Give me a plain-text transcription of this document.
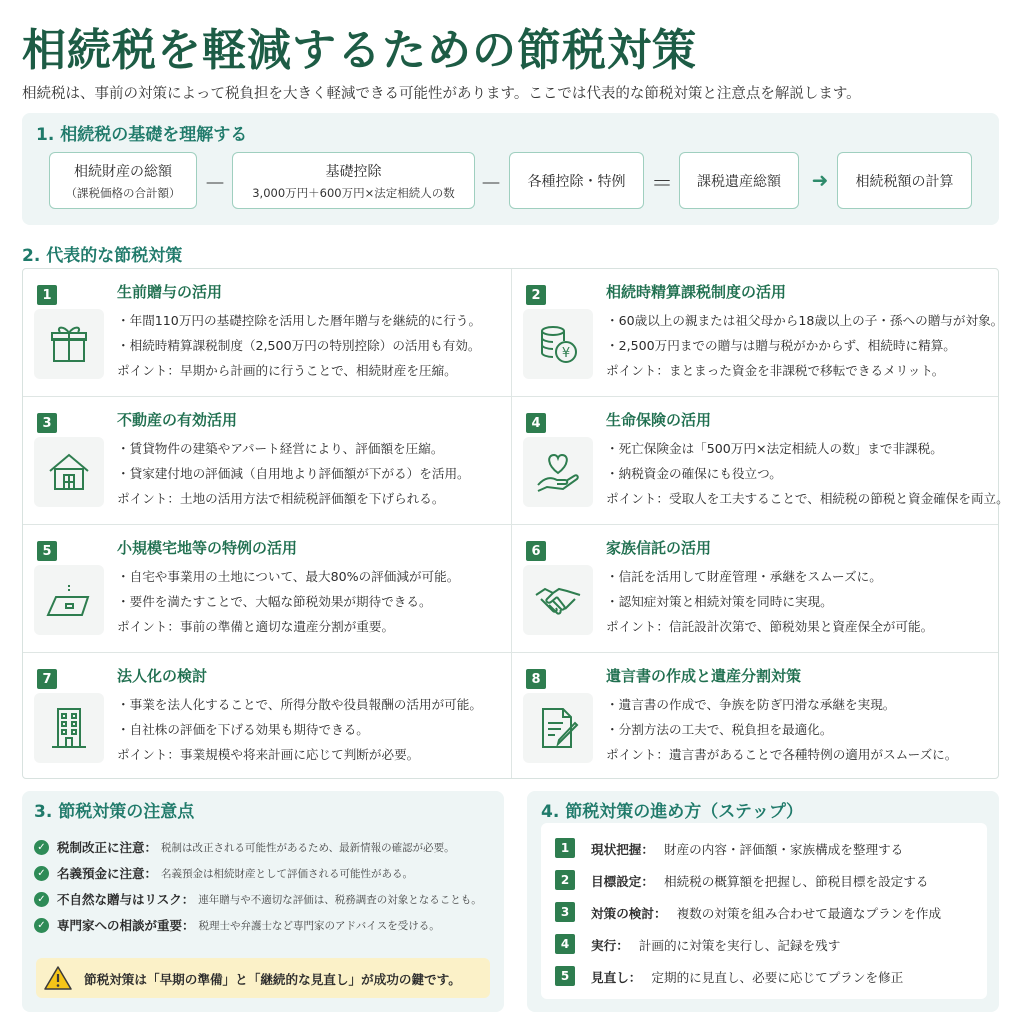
相続税を軽減するための節税対策
相続税は、事前の対策によって税負担を大きく軽減できる可能性があります。ここでは代表的な節税対策と注意点を解説します。
1. 相続税の基礎を理解する
相続財産の総額
（課税価格の合計額） －
基礎控除
3,000万円＋600万円×法定相続人の数 － 各種控除・特例 ＝ 課税遺産総額 ➜	相続税額の計算
2. 代表的な節税対策
1	生前贈与の活用
・年間110万円の基礎控除を活用した暦年贈与を継続的に行う。
・相続時精算課税制度（2,500万円の特別控除）の活用も有効。
ポイント：早期から計画的に行うことで、相続財産を圧縮。
2
¥
相続時精算課税制度の活用
・60歳以上の親または祖父母から18歳以上の子・孫への贈与が対象。
・2,500万円までの贈与は贈与税がかからず、相続時に精算。
ポイント：まとまった資金を非課税で移転できるメリット。
3	不動産の有効活用
・賃貸物件の建築やアパート経営により、評価額を圧縮。
・貸家建付地の評価減（自用地より評価額が下がる）を活用。
ポイント：土地の活用方法で相続税評価額を下げられる。
4	生命保険の活用
・死亡保険金は「500万円×法定相続人の数」まで非課税。
・納税資金の確保にも役立つ。
ポイント：受取人を工夫することで、相続税の節税と資金確保を両立。
5	小規模宅地等の特例の活用
・自宅や事業用の土地について、最大80%の評価減が可能。
・要件を満たすことで、大幅な節税効果が期待できる。
ポイント：事前の準備と適切な遺産分割が重要。
6	家族信託の活用
・信託を活用して財産管理・承継をスムーズに。
・認知症対策と相続対策を同時に実現。
ポイント：信託設計次第で、節税効果と資産保全が可能。
7	法人化の検討
・事業を法人化することで、所得分散や役員報酬の活用が可能。
・自社株の評価を下げる効果も期待できる。
ポイント：事業規模や将来計画に応じて判断が必要。
8	遺言書の作成と遺産分割対策
・遺言書の作成で、争族を防ぎ円滑な承継を実現。
・分割方法の工夫で、税負担を最適化。
ポイント：遺言書があることで各種特例の適用がスムーズに。
3. 節税対策の注意点
✓ 税制改正に注意： 税制は改正される可能性があるため、最新情報の確認が必要。
✓ 名義預金に注意： 名義預金は相続財産として評価される可能性がある。
✓ 不自然な贈与はリスク： 連年贈与や不適切な評価は、税務調査の対象となることも。
✓ 専門家への相談が重要： 税理士や弁護士など専門家のアドバイスを受ける。
節税対策は「早期の準備」と「継続的な見直し」が成功の鍵です。
4. 節税対策の進め方（ステップ）
1	現状把握： 財産の内容・評価額・家族構成を整理する
2	目標設定： 相続税の概算額を把握し、節税目標を設定する
3	対策の検討： 複数の対策を組み合わせて最適なプランを作成
4	実行： 計画的に対策を実行し、記録を残す
5	見直し： 定期的に見直し、必要に応じてプランを修正
